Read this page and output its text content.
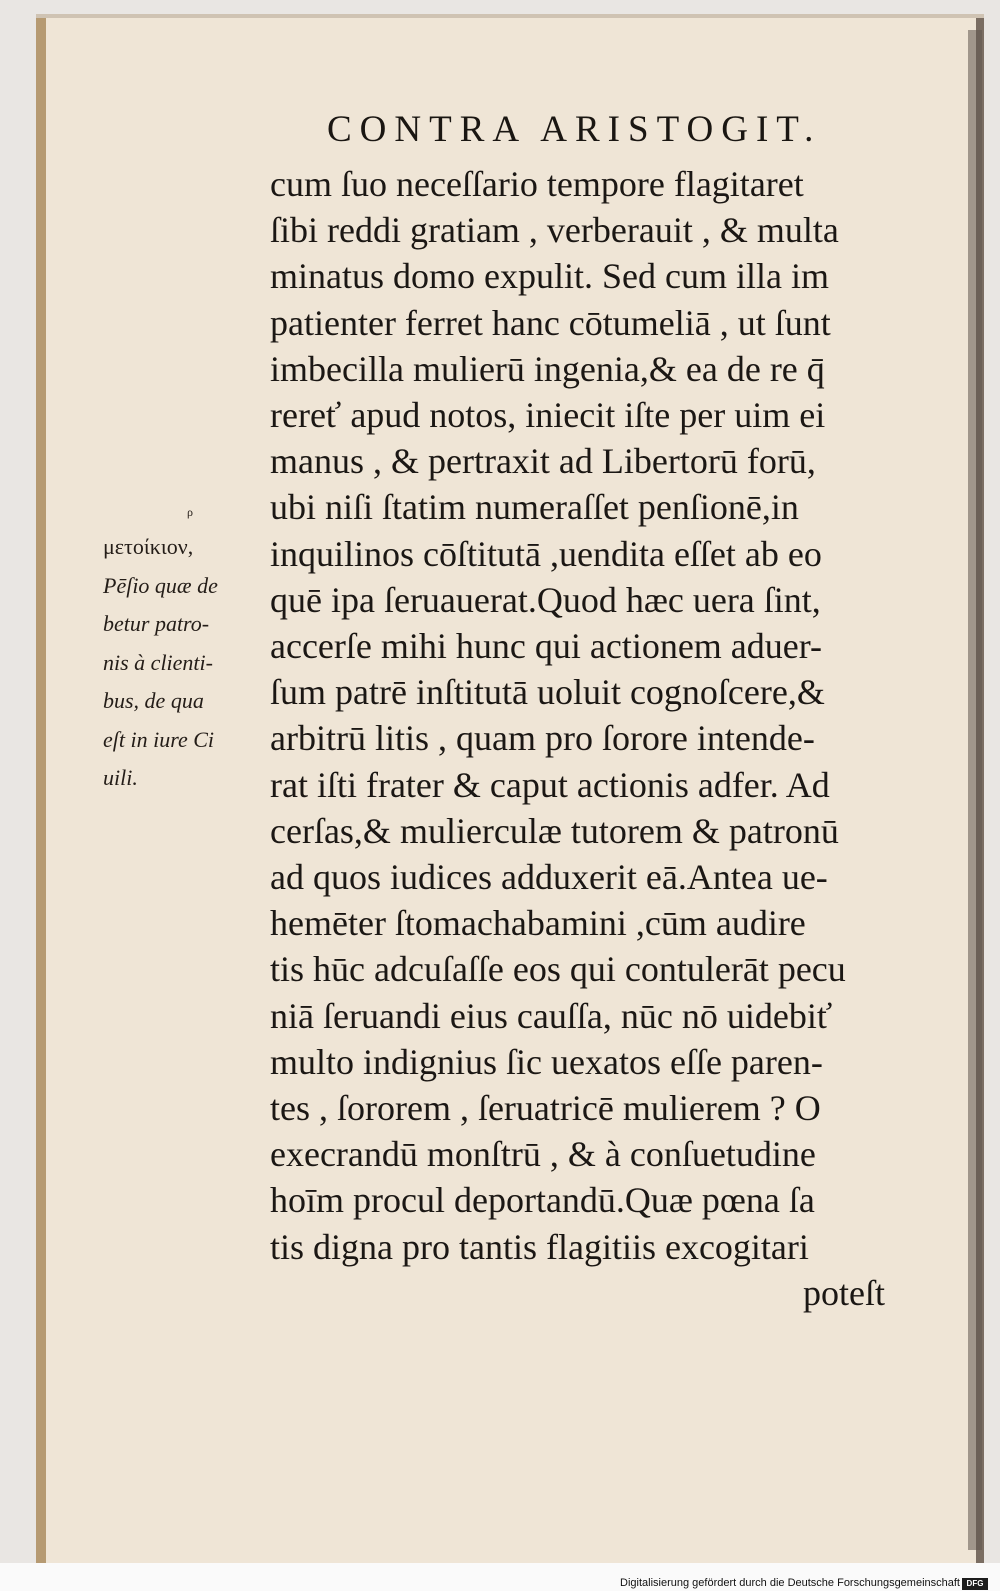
CONTRA ARISTOGIT.
cum ſuo neceſſario tempore flagitaret
ſibi reddi gratiam , verberauit , & multa
minatus domo expulit. Sed cum illa im
patienter ferret hanc cōtumeliā , ut ſunt
imbecilla mulierū ingenia,& ea de re q̄
rereť apud notos, iniecit iſte per uim ei
manus , & pertraxit ad Libertorū forū,
ubi niſi ſtatim numeraſſet penſionē,in
inquilinos cōſtitutā ,uendita eſſet ab eo
quē ipa ſeruauerat.Quod hæc uera ſint,
accerſe mihi hunc qui actionem aduer-
ſum patrē inſtitutā uoluit cognoſcere,&
arbitrū litis , quam pro ſorore intende-
rat iſti frater & caput actionis adfer. Ad
cerſas,& mulierculæ tutorem & patronū
ad quos iudices adduxerit eā.Antea ue-
hemēter ſtomachabamini ,cūm audire
tis hūc adcuſaſſe eos qui contulerāt pecu
niā ſeruandi eius cauſſa, nūc nō uidebiť
multo indignius ſic uexatos eſſe paren-
tes , ſororem , ſeruatricē mulierem ? O
execrandū monſtrū , & à conſuetudine
hoīm procul deportandū.Quæ pœna ſa
tis digna pro tantis flagitiis excogitari
poteſt
ρ
μετοίκιον,
Pēſio quæ de
betur patro-
nis à clienti-
bus, de qua
eſt in iure Ci
uili.
Digitalisierung gefördert durch die Deutsche Forschungsgemeinschaft DFG
